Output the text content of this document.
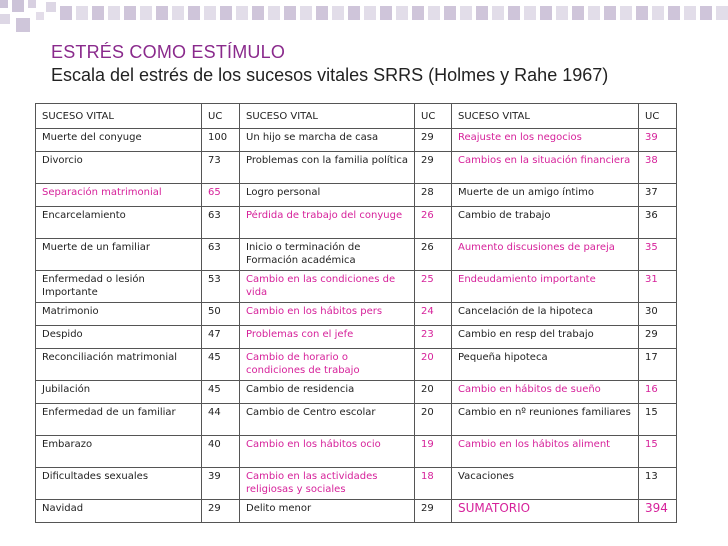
ESTRÉS COMO ESTÍMULO
Escala del estrés de los sucesos vitales SRRS (Holmes y Rahe 1967)
SUCESO VITAL	UC	SUCESO VITAL	UC	SUCESO VITAL	UC
Muerte del conyuge	100	Un hijo se marcha de casa	29	Reajuste en los negocios	39
Divorcio	73	Problemas con la familia política	29	Cambios en la situación financiera	38
Separación matrimonial	65	Logro personal	28	Muerte de un amigo íntimo	37
Encarcelamiento	63	Pérdida de trabajo del conyuge	26	Cambio de trabajo	36
Muerte de un familiar	63	Inicio o terminación de Formación académica	26	Aumento discusiones de pareja	35
Enfermedad o lesión Importante	53	Cambio en las condiciones de vida	25	Endeudamiento importante	31
Matrimonio	50	Cambio en los hábitos pers	24	Cancelación de la hipoteca	30
Despido	47	Problemas con el jefe	23	Cambio en resp del trabajo	29
Reconciliación matrimonial	45	Cambio de horario o condiciones de trabajo	20	Pequeña hipoteca	17
Jubilación	45	Cambio de residencia	20	Cambio en hábitos de sueño	16
Enfermedad de un familiar	44	Cambio de Centro escolar	20	Cambio en nº reuniones familiares	15
Embarazo	40	Cambio en los hábitos ocio	19	Cambio en los hábitos aliment	15
Dificultades sexuales	39	Cambio en las actividades religiosas y sociales	18	Vacaciones	13
Navidad	29	Delito menor	29	SUMATORIO	394
